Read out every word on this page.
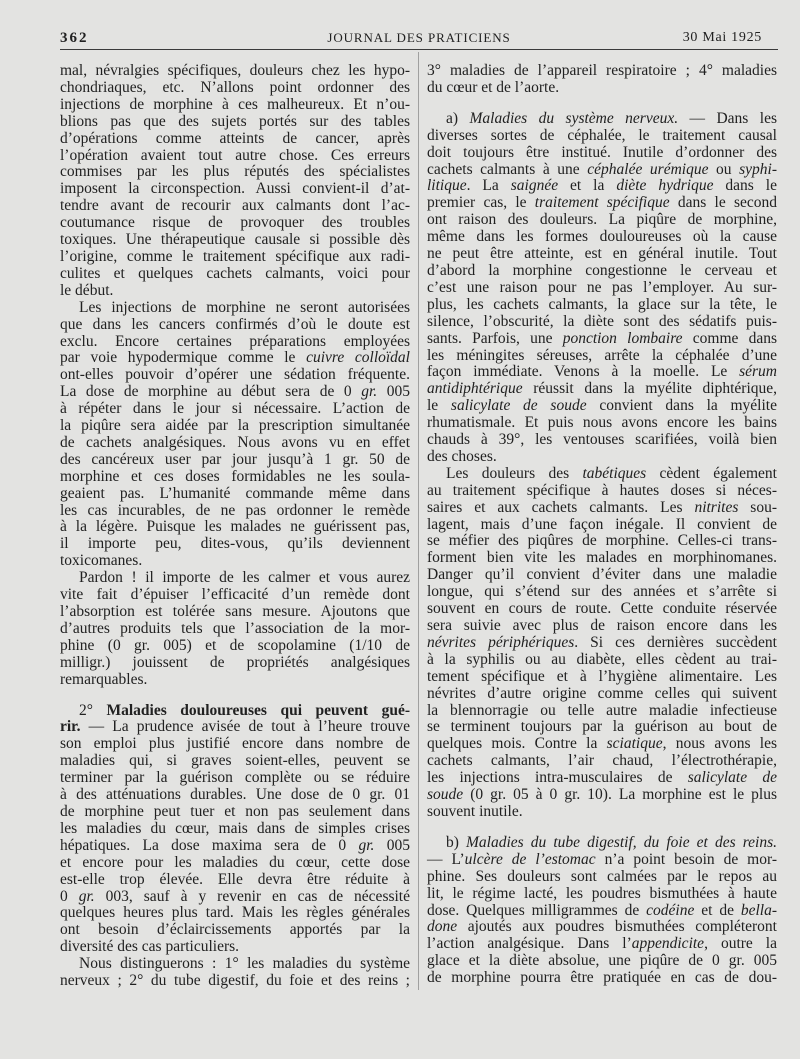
362	JOURNAL DES PRATICIENS	30 Mai 1925
mal, névralgies spécifiques, douleurs chez les hypo-
chondriaques, etc. N’allons point ordonner des
injections de morphine à ces malheureux. Et n’ou-
blions pas que des sujets portés sur des tables
d’opérations comme atteints de cancer, après
l’opération avaient tout autre chose. Ces erreurs
commises par les plus réputés des spécialistes
imposent la circonspection. Aussi convient-il d’at-
tendre avant de recourir aux calmants dont l’ac-
coutumance risque de provoquer des troubles
toxiques. Une thérapeutique causale si possible dès
l’origine, comme le traitement spécifique aux radi-
culites et quelques cachets calmants, voici pour
le début.
Les injections de morphine ne seront autorisées
que dans les cancers confirmés d’où le doute est
exclu. Encore certaines préparations employées
par voie hypodermique comme le cuivre colloïdal
ont-elles pouvoir d’opérer une sédation fréquente.
La dose de morphine au début sera de 0 gr. 005
à répéter dans le jour si nécessaire. L’action de
la piqûre sera aidée par la prescription simultanée
de cachets analgésiques. Nous avons vu en effet
des cancéreux user par jour jusqu’à 1 gr. 50 de
morphine et ces doses formidables ne les soula-
geaient pas. L’humanité commande même dans
les cas incurables, de ne pas ordonner le remède
à la légère. Puisque les malades ne guérissent pas,
il importe peu, dites-vous, qu’ils deviennent
toxicomanes.
Pardon ! il importe de les calmer et vous aurez
vite fait d’épuiser l’efficacité d’un remède dont
l’absorption est tolérée sans mesure. Ajoutons que
d’autres produits tels que l’association de la mor-
phine (0 gr. 005) et de scopolamine (1/10 de
milligr.) jouissent de propriétés analgésiques
remarquables.
2° Maladies douloureuses qui peuvent gué-
rir. — La prudence avisée de tout à l’heure trouve
son emploi plus justifié encore dans nombre de
maladies qui, si graves soient-elles, peuvent se
terminer par la guérison complète ou se réduire
à des atténuations durables. Une dose de 0 gr. 01
de morphine peut tuer et non pas seulement dans
les maladies du cœur, mais dans de simples crises
hépatiques. La dose maxima sera de 0 gr. 005
et encore pour les maladies du cœur, cette dose
est-elle trop élevée. Elle devra être réduite à
0 gr. 003, sauf à y revenir en cas de nécessité
quelques heures plus tard. Mais les règles générales
ont besoin d’éclaircissements apportés par la
diversité des cas particuliers.
Nous distinguerons : 1° les maladies du système
nerveux ; 2° du tube digestif, du foie et des reins ;
3° maladies de l’appareil respiratoire ; 4° maladies
du cœur et de l’aorte.
a) Maladies du système nerveux. — Dans les
diverses sortes de céphalée, le traitement causal
doit toujours être institué. Inutile d’ordonner des
cachets calmants à une céphalée urémique ou syphi-
litique. La saignée et la diète hydrique dans le
premier cas, le traitement spécifique dans le second
ont raison des douleurs. La piqûre de morphine,
même dans les formes douloureuses où la cause
ne peut être atteinte, est en général inutile. Tout
d’abord la morphine congestionne le cerveau et
c’est une raison pour ne pas l’employer. Au sur-
plus, les cachets calmants, la glace sur la tête, le
silence, l’obscurité, la diète sont des sédatifs puis-
sants. Parfois, une ponction lombaire comme dans
les méningites séreuses, arrête la céphalée d’une
façon immédiate. Venons à la moelle. Le sérum
antidiphtérique réussit dans la myélite diphtérique,
le salicylate de soude convient dans la myélite
rhumatismale. Et puis nous avons encore les bains
chauds à 39°, les ventouses scarifiées, voilà bien
des choses.
Les douleurs des tabétiques cèdent également
au traitement spécifique à hautes doses si néces-
saires et aux cachets calmants. Les nitrites sou-
lagent, mais d’une façon inégale. Il convient de
se méfier des piqûres de morphine. Celles-ci trans-
forment bien vite les malades en morphinomanes.
Danger qu’il convient d’éviter dans une maladie
longue, qui s’étend sur des années et s’arrête si
souvent en cours de route. Cette conduite réservée
sera suivie avec plus de raison encore dans les
névrites périphériques. Si ces dernières succèdent
à la syphilis ou au diabète, elles cèdent au trai-
tement spécifique et à l’hygiène alimentaire. Les
névrites d’autre origine comme celles qui suivent
la blennorragie ou telle autre maladie infectieuse
se terminent toujours par la guérison au bout de
quelques mois. Contre la sciatique, nous avons les
cachets calmants, l’air chaud, l’électrothérapie,
les injections intra-musculaires de salicylate de
soude (0 gr. 05 à 0 gr. 10). La morphine est le plus
souvent inutile.
b) Maladies du tube digestif, du foie et des reins.
— L’ulcère de l’estomac n’a point besoin de mor-
phine. Ses douleurs sont calmées par le repos au
lit, le régime lacté, les poudres bismuthées à haute
dose. Quelques milligrammes de codéine et de bella-
done ajoutés aux poudres bismuthées compléteront
l’action analgésique. Dans l’appendicite, outre la
glace et la diète absolue, une piqûre de 0 gr. 005
de morphine pourra être pratiquée en cas de dou-
